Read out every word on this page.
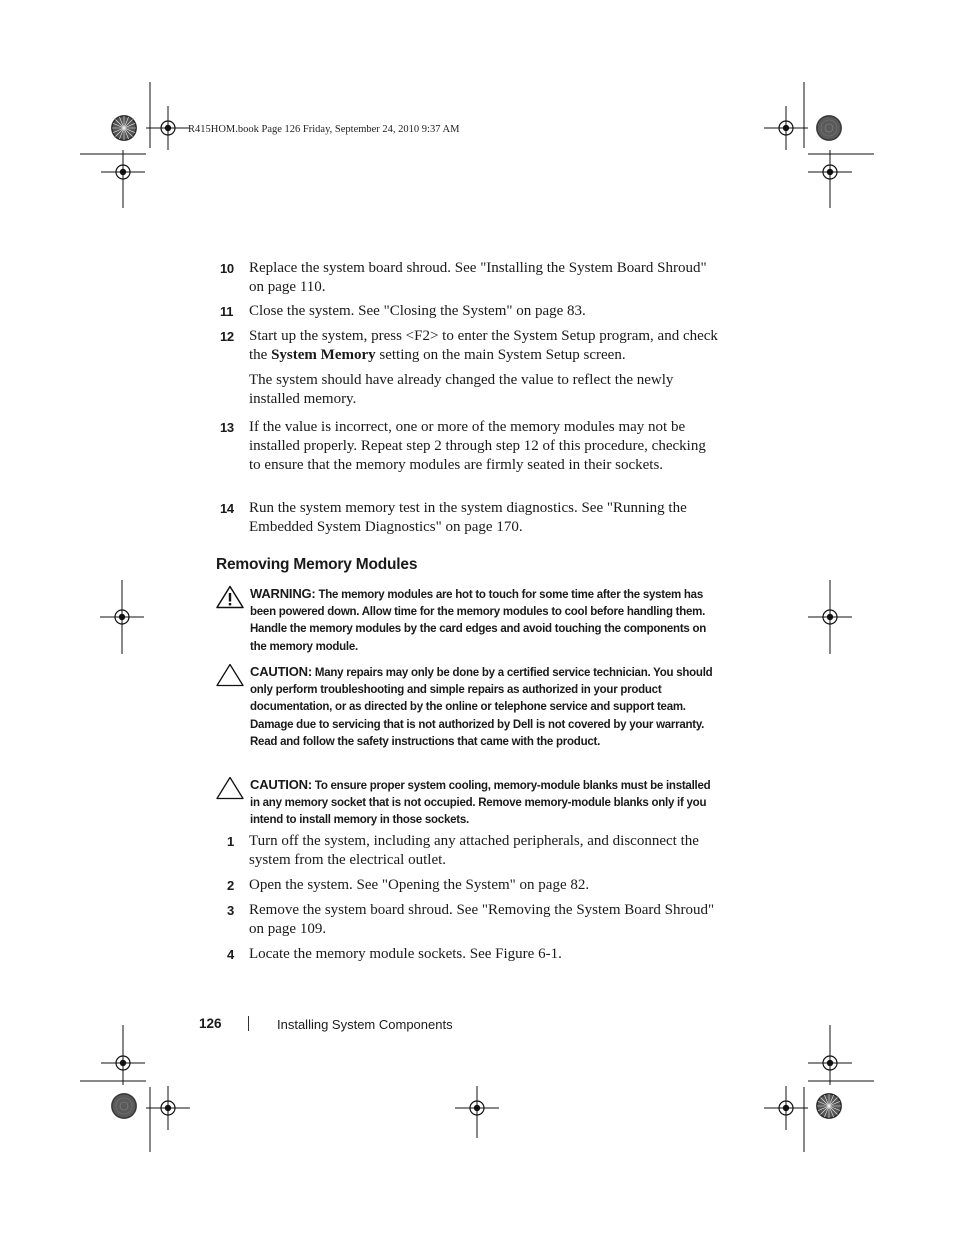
R415HOM.book Page 126 Friday, September 24, 2010 9:37 AM
10	Replace the system board shroud. See "Installing the System Board Shroud" on page 110.
11	Close the system. See "Closing the System" on page 83.
12	Start up the system, press <F2> to enter the System Setup program, and check the System Memory setting on the main System Setup screen.
The system should have already changed the value to reflect the newly installed memory.
13	If the value is incorrect, one or more of the memory modules may not be installed properly. Repeat step 2 through step 12 of this procedure, checking to ensure that the memory modules are firmly seated in their sockets.
14	Run the system memory test in the system diagnostics. See "Running the Embedded System Diagnostics" on page 170.
Removing Memory Modules
WARNING: The memory modules are hot to touch for some time after the system has been powered down. Allow time for the memory modules to cool before handling them. Handle the memory modules by the card edges and avoid touching the components on the memory module.
CAUTION: Many repairs may only be done by a certified service technician. You should only perform troubleshooting and simple repairs as authorized in your product documentation, or as directed by the online or telephone service and support team. Damage due to servicing that is not authorized by Dell is not covered by your warranty. Read and follow the safety instructions that came with the product.
CAUTION: To ensure proper system cooling, memory-module blanks must be installed in any memory socket that is not occupied. Remove memory-module blanks only if you intend to install memory in those sockets.
1	Turn off the system, including any attached peripherals, and disconnect the system from the electrical outlet.
2	Open the system. See "Opening the System" on page 82.
3	Remove the system board shroud. See "Removing the System Board Shroud" on page 109.
4	Locate the memory module sockets. See Figure 6-1.
126	Installing System Components
